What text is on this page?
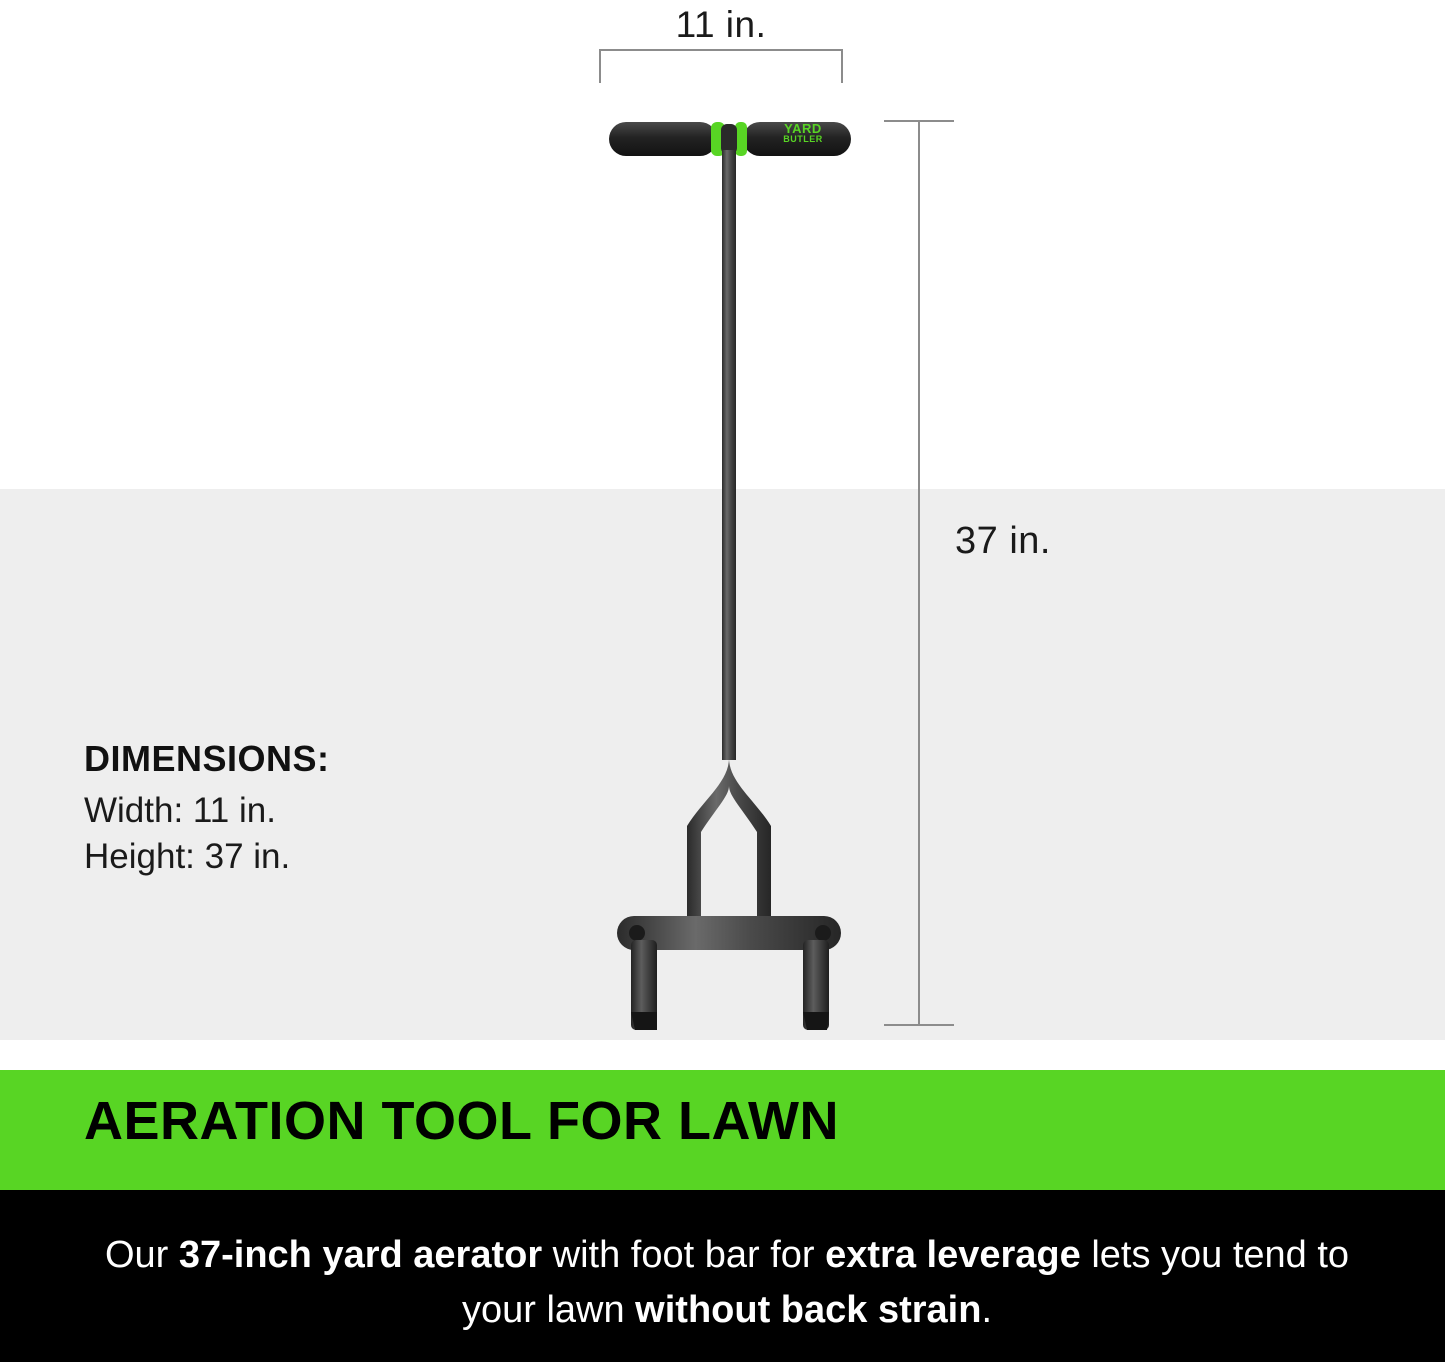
11 in.
37 in.
YARD
BUTLER
DIMENSIONS:
Width: 11 in.
Height: 37 in.
AERATION TOOL FOR LAWN
Our 37-inch yard aerator with foot bar for extra leverage lets you tend to your lawn without back strain.
